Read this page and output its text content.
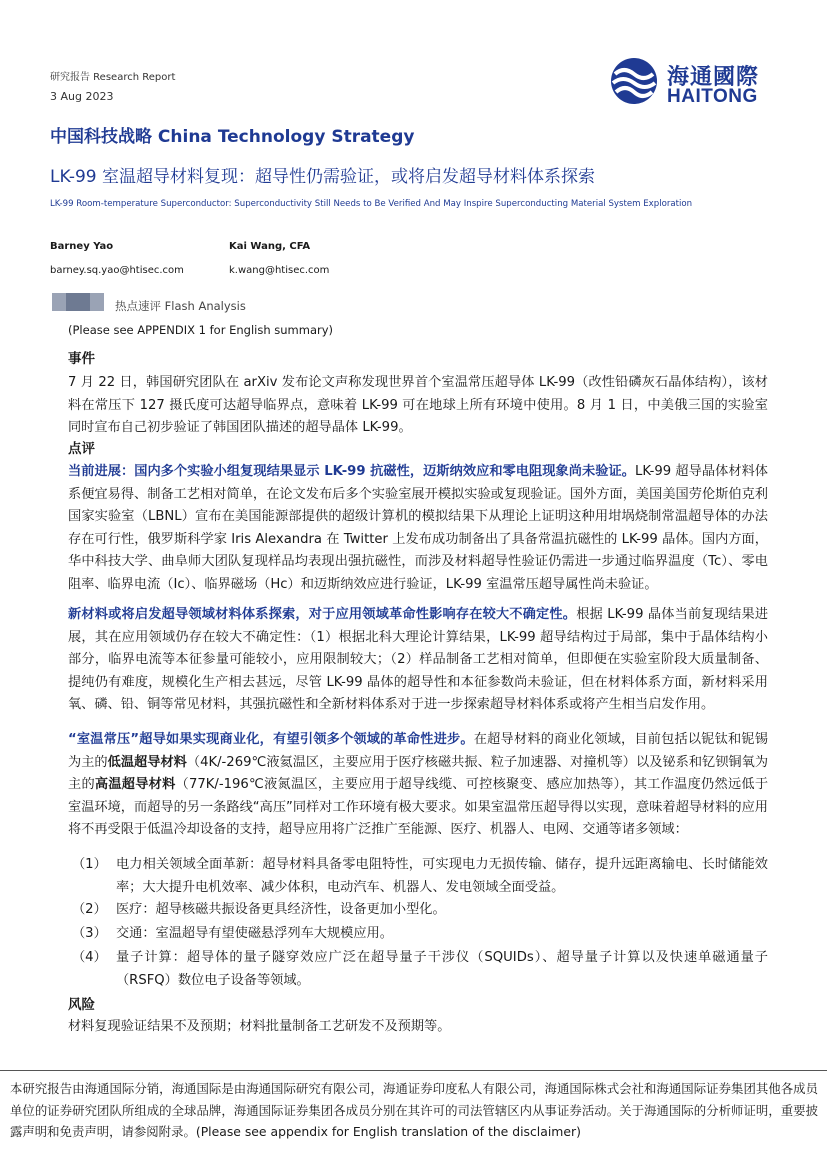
研究报告 Research Report
3 Aug 2023
海通國際
HAITONG
中国科技战略 China Technology Strategy
LK-99 室温超导材料复现：超导性仍需验证，或将启发超导材料体系探索
LK-99 Room-temperature Superconductor: Superconductivity Still Needs to Be Verified And May Inspire Superconducting Material System Exploration
Barney Yao
barney.sq.yao@htisec.com
Kai Wang, CFA
k.wang@htisec.com
热点速评 Flash Analysis
(Please see APPENDIX 1 for English summary)
事件
7 月 22 日，韩国研究团队在 arXiv 发布论文声称发现世界首个室温常压超导体 LK-99（改性铅磷灰石晶体结构），该材料在常压下 127 摄氏度可达超导临界点，意味着 LK-99 可在地球上所有环境中使用。8 月 1 日，中美俄三国的实验室同时宣布自己初步验证了韩国团队描述的超导晶体 LK-99。
点评
当前进展：国内多个实验小组复现结果显示 LK-99 抗磁性，迈斯纳效应和零电阻现象尚未验证。LK-99 超导晶体材料体系便宜易得、制备工艺相对简单，在论文发布后多个实验室展开模拟实验或复现验证。国外方面，美国美国劳伦斯伯克利国家实验室（LBNL）宣布在美国能源部提供的超级计算机的模拟结果下从理论上证明这种用坩埚烧制常温超导体的办法存在可行性，俄罗斯科学家 Iris Alexandra 在 Twitter 上发布成功制备出了具备常温抗磁性的 LK-99 晶体。国内方面，华中科技大学、曲阜师大团队复现样品均表现出强抗磁性，而涉及材料超导性验证仍需进一步通过临界温度（Tc）、零电阻率、临界电流（Ic）、临界磁场（Hc）和迈斯纳效应进行验证，LK-99 室温常压超导属性尚未验证。
新材料或将启发超导领域材料体系探索，对于应用领域革命性影响存在较大不确定性。根据 LK-99 晶体当前复现结果进展，其在应用领域仍存在较大不确定性：（1）根据北科大理论计算结果，LK-99 超导结构过于局部，集中于晶体结构小部分，临界电流等本征参量可能较小，应用限制较大；（2）样品制备工艺相对简单，但即便在实验室阶段大质量制备、提纯仍有难度，规模化生产相去甚远，尽管 LK-99 晶体的超导性和本征参数尚未验证，但在材料体系方面，新材料采用氧、磷、铅、铜等常见材料，其强抗磁性和全新材料体系对于进一步探索超导材料体系或将产生相当启发作用。
“室温常压”超导如果实现商业化，有望引领多个领域的革命性进步。在超导材料的商业化领域，目前包括以铌钛和铌锡为主的低温超导材料（4K/-269℃液氦温区，主要应用于医疗核磁共振、粒子加速器、对撞机等）以及铋系和钇钡铜氧为主的高温超导材料（77K/-196℃液氮温区，主要应用于超导线缆、可控核聚变、感应加热等），其工作温度仍然远低于室温环境，而超导的另一条路线“高压”同样对工作环境有极大要求。如果室温常压超导得以实现，意味着超导材料的应用将不再受限于低温冷却设备的支持，超导应用将广泛推广至能源、医疗、机器人、电网、交通等诸多领域：
（1） 电力相关领域全面革新：超导材料具备零电阻特性，可实现电力无损传输、储存，提升远距离输电、长时储能效率；大大提升电机效率、减少体积，电动汽车、机器人、发电领域全面受益。
（2） 医疗：超导核磁共振设备更具经济性，设备更加小型化。
（3） 交通：室温超导有望使磁悬浮列车大规模应用。
（4） 量子计算：超导体的量子隧穿效应广泛在超导量子干涉仪（SQUIDs）、超导量子计算以及快速单磁通量子（RSFQ）数位电子设备等领域。
风险
材料复现验证结果不及预期；材料批量制备工艺研发不及预期等。
本研究报告由海通国际分销，海通国际是由海通国际研究有限公司，海通证券印度私人有限公司，海通国际株式会社和海通国际证券集团其他各成员单位的证券研究团队所组成的全球品牌，海通国际证券集团各成员分别在其许可的司法管辖区内从事证券活动。关于海通国际的分析师证明，重要披露声明和免责声明，请参阅附录。(Please see appendix for English translation of the disclaimer)
